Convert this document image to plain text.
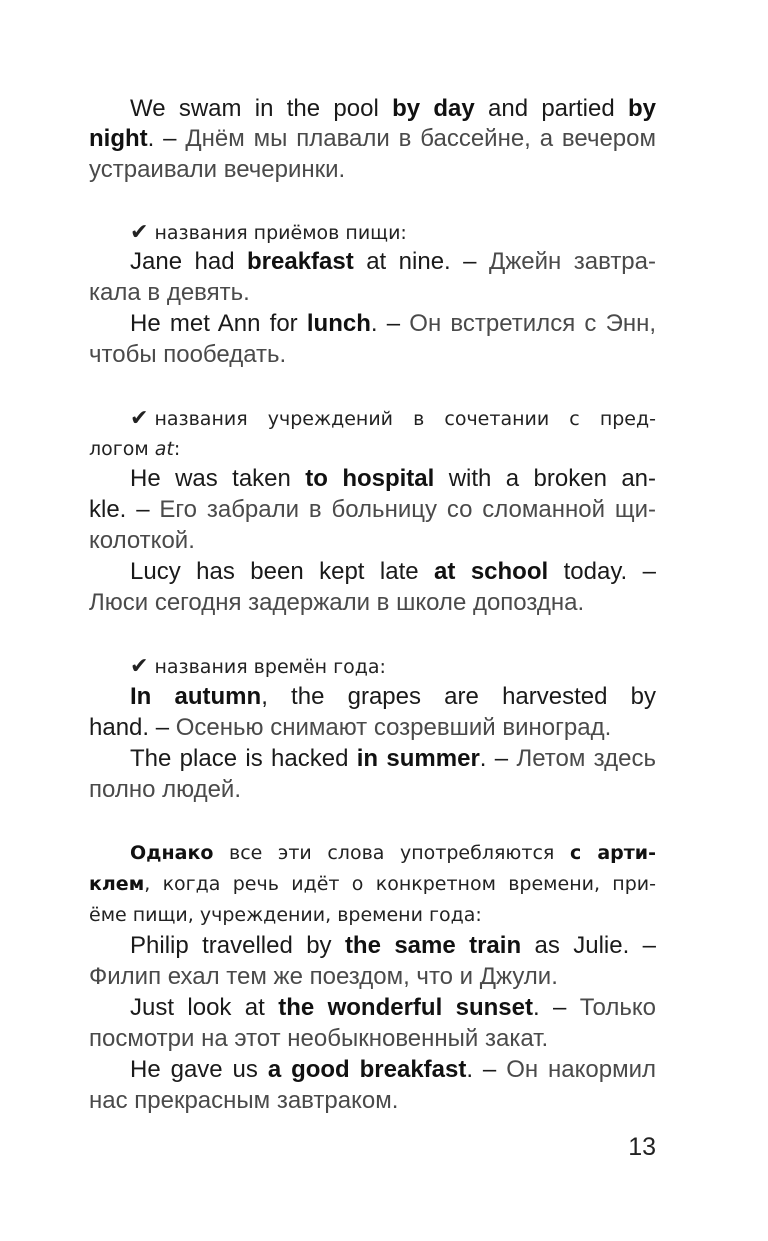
We swam in the pool by day and partied by
night. – Днём мы плавали в бассейне, а вечером
устраивали вечеринки.
✔ названия приёмов пищи:
Jane had breakfast at nine. – Джейн завтра-
кала в девять.
He met Ann for lunch. – Он встретился с Энн,
чтобы пообедать.
✔ названия учреждений в сочетании с пред-
логом at:
He was taken to hospital with a broken an-
kle. – Его забрали в больницу со сломанной щи-
колоткой.
Lucy has been kept late at school today. –
Люси сегодня задержали в школе допоздна.
✔ названия времён года:
In autumn, the grapes are harvested by
hand. – Осенью снимают созревший виноград.
The place is hacked in summer. – Летом здесь
полно людей.
Однако все эти слова употребляются с арти-
клем, когда речь идёт о конкретном времени, при-
ёме пищи, учреждении, времени года:
Philip travelled by the same train as Julie. –
Филип ехал тем же поездом, что и Джули.
Just look at the wonderful sunset. – Только
посмотри на этот необыкновенный закат.
He gave us a good breakfast. – Он накормил
нас прекрасным завтраком.
13
